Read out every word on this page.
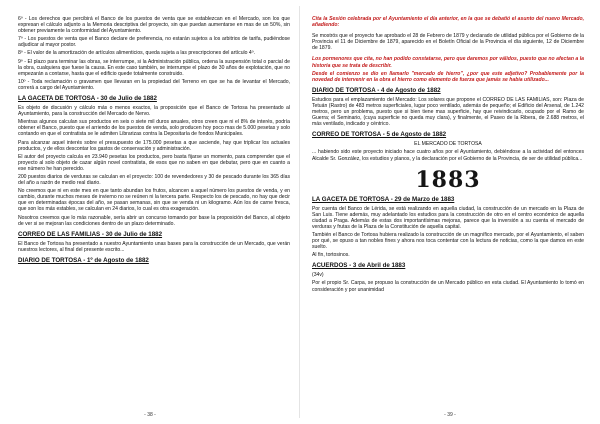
6º - Los derechos que percibirá el Banco de los puestos de venta que se establezcan en el Mercado, son los que expresan el cálculo adjunto a la Memoria descriptiva del proyecto, sin que puedan aumentarse en mas de un 50%, sin obtener previamente la conformidad del Ayuntamiento.

7º - Los puestos de venta que el Banco declare de preferencia, no estarán sujetos a los arbitrios de tarifa, pudiéndose adjudicar al mayor postor.

8º - El valor de la amortización de artículos alimenticios, queda sujeta a las prescripciones del artículo 4º.

9º - El plazo para terminar las obras, se interrumpe, si la Administración pública, ordena la suspensión total o parcial de la obra, cualquiera que fuese la causa. En este caso también, se interrumpe el plazo de 30 años de explotación, que no empezarán a contarse, hasta que el edificio quede totalmente construido.

10º - Toda reclamación o gravamen que llevaran en la propiedad del Terreno en que se ha de levantar el Mercado, correrá a cargo del Ayuntamiento.

LA GACETA DE TORTOSA - 30 de Julio de 1882

Es objeto de discusión y cálculo más o menos exactos, la proposición que el Banco de Tortosa ha presentado al Ayuntamiento, para la construcción del Mercado de Nervo.

Mientras algunos calculan sus productos en seis o siete mil duros anuales, otros creen que ni el 8% de interés, podría obtener el Banco, puesto que el arriendo de los puestos de venda, solo producen hoy poco mas de 5.000 pesetas y solo contando en que el contratista se le admiten Librarizas contra la Depositaría de fondos Municipales.

Para alcanzar aquel interés sobre el presupuesto de 175.000 pesetas a que asciende, hay que triplicar los actuales productos, y de ellos descontar los gastos de conservación y administración.

El autor del proyecto calcula en 23.940 pesetas los productos, pero basta fijarse un momento, para comprender que el proyecto al solo objeto de cazar algún novel contratista, de esos que no saben en que debutar, pero que en cuanto a ese número he han perecido.

200 puestos diarios de verduras se calculan en el proyecto: 100 de revendedores y 30 de pescado durante los 365 días del año a razón de medio real diario.

No creemos que ni en este mes en que tanto abundan los frutos, alcancen a aquel número los puestos de venda, y en cambio, durante muchos meses de invierno no se reúnen ni la tercera parte. Respecto los de pescado, no hay que decir que en determinadas épocas del año, se pasan semanas, sin que se venda ni un kilogramo. Aún los de carne fresca, que son los más estables, se calculan en 24 diarios, lo cual es otra exageración.

Nosotros creemos que lo más razonable, sería abrir un concurso tomando por base la proposición del Banco, al objeto de ver si se mejoran las condiciones dentro de un plazo determinado.

CORREO DE LAS FAMILIAS - 30 de Julio de 1882

El Banco de Tortosa ha presentado a nuestro Ayuntamiento unas bases para la construcción de un Mercado, que verán nuestros lectores, al final del presente escrito...

DIARIO DE TORTOSA - 1º de Agosto de 1882
- 38 -

Cita la Sesión celebrada por el Ayuntamiento el día anterior, en la que se debatió el asunto del nuevo Mercado, añadiendo:

Se mostrós que el proyecto fue aprobado el 28 de Febrero de 1879 y declarado de utilidad pública por el Gobierno de la Provincia el 11 de Diciembre de 1879, aparecido en el Boletín Oficial de la Provincia el día siguiente, 12 de Diciembre de 1879.

Los pormenores que cita, no han podido constatarse, pero que daremos por válidos, puesto que no afectan a la historia que se trata de describir.

Desde el comienzo se dio en llamarlo "mercado de hierro", ¿por que este adjetivo? Probablemente por la novedad de intervenir en la obra el hierro como elemento de fuerza que jamás se había utilizado...

DIARIO DE TORTOSA - 4 de Agosto de 1882

Estudios para el emplazamiento del Mercado: Los solares que propone el CORREO DE LAS FAMILIAS, son: Plaza de Tetuán (Rastro) de 483 metros superficiales, lugar poco ventilado, además de pequeño; el Edificio del Arsenal, de 1.242 metros, pero un problema, puesto que si bien tiene mas superficie, hay que reivindicarlo, ocupado por el Ramo de Guerra; el Seminario, (cuya superficie no queda muy clara), y finalmente, el Paseo de la Ribera, de 2.688 metros, el más ventilado, indicado y céntrico.

CORREO DE TORTOSA - 5 de Agosto de 1882

EL MERCADO DE TORTOSA

... habiendo sido este proyecto iniciado hace cuatro años por el Ayuntamiento, debiéndose a la actividad del entonces Alcalde Sr. González, los estudios y planos, y la declaración por el Gobierno de la Provincia, de ser de utilidad pública...

1883
LA GACETA DE TORTOSA - 29 de Marzo de 1883

Por cuenta del Banco de Lérida, se está realizando en aquella ciudad, la construcción de un mercado en la Plaza de San Luis. Tiene además, muy adelantado los estudios para la construcción de otro en el centro económico de aquella ciudad a Praga. Además de estas dos importantísimas mejoras, parece que la inversión a su cuenta el mercado de verduras y frutas de la Plaza de la Constitución de aquella capital.

También el Banco de Tortosa hubiera realizado la construcción de un magnífico mercado, por el Ayuntamiento, el saben por qué, se opuso a tan nobles fines y ahora nos toca contentar con la lectura de noticias, como la que damos en este suelto.

Al fin, tortosinos.

ACUERDOS - 3 de Abril de 1883

(34v)

Por el propio Sr. Carpa, se propuso la construcción de un Mercado público en esta ciudad. El Ayuntamiento lo tomó en consideración y por unanimidad

- 39 -
